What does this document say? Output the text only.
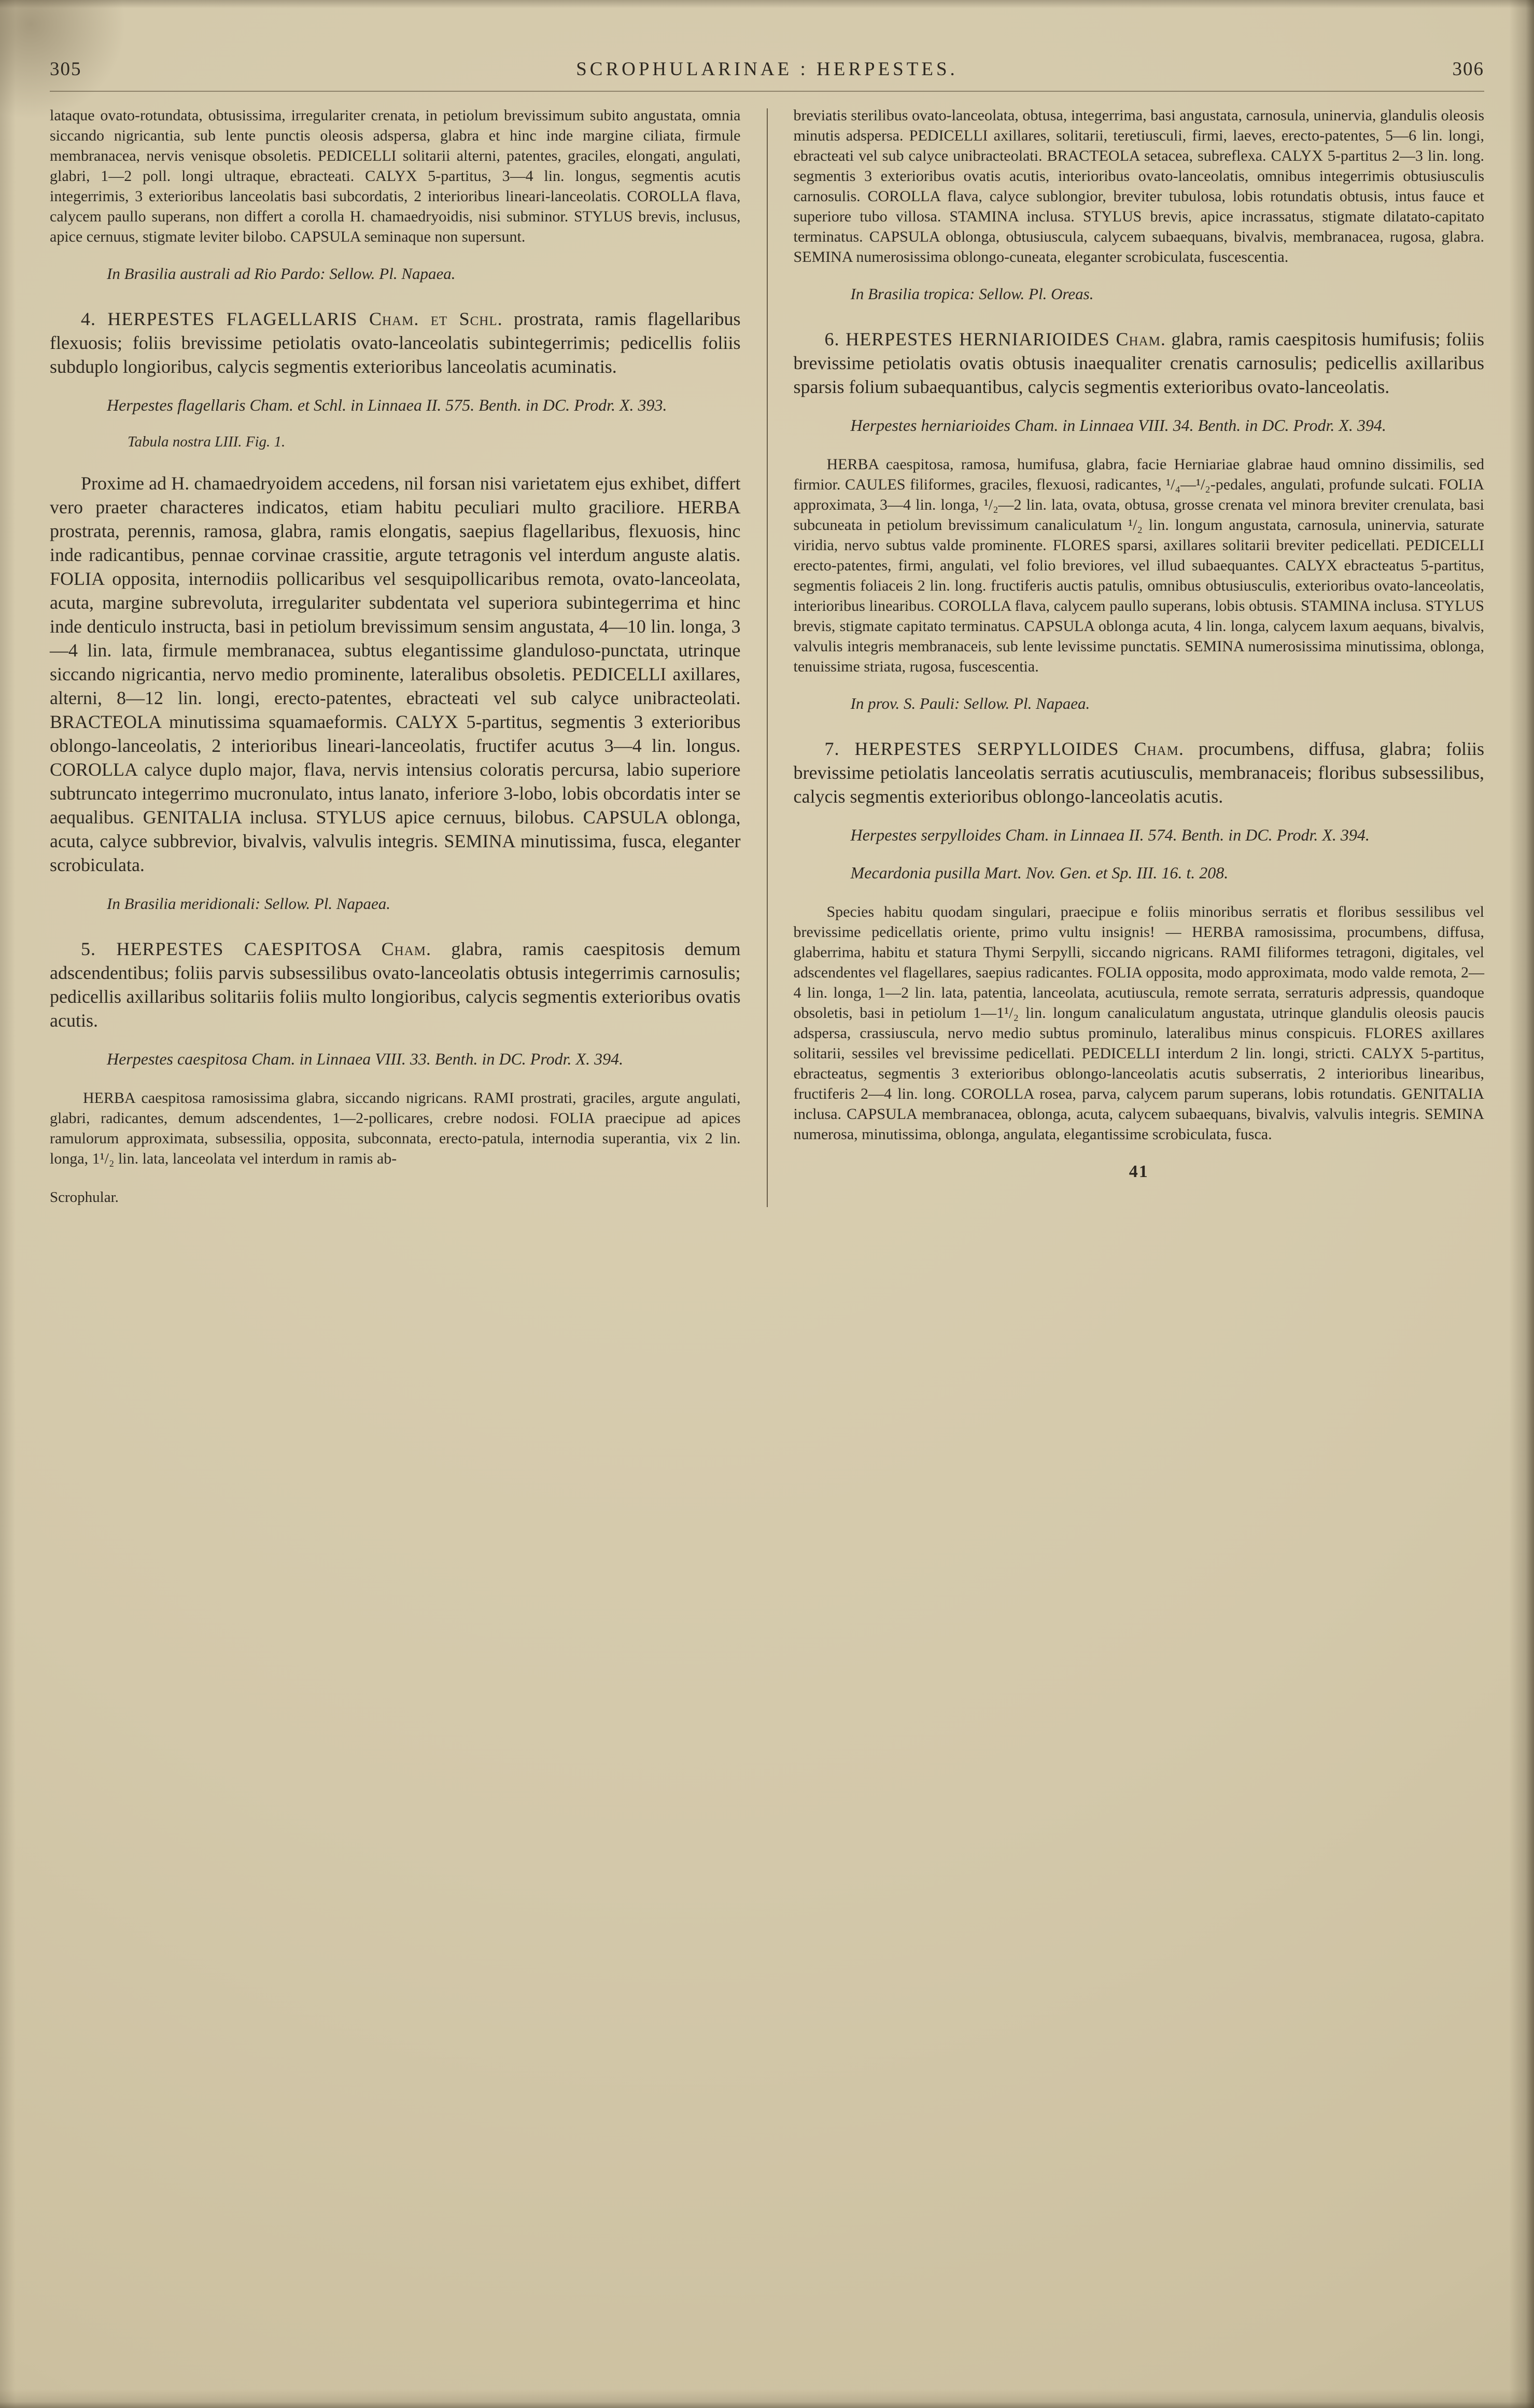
305	SCROPHULARINAE : HERPESTES.	306

lataque ovato-rotundata, obtusissima, irregulariter crenata, in petiolum brevissimum subito angustata, omnia siccando nigricantia, sub lente punctis oleosis adspersa, glabra et hinc inde margine ciliata, firmule membranacea, nervis venisque obsoletis. PEDICELLI solitarii alterni, patentes, graciles, elongati, angulati, glabri, 1—2 poll. longi ultraque, ebracteati. CALYX 5-partitus, 3—4 lin. longus, segmentis acutis integerrimis, 3 exterioribus lanceolatis basi subcordatis, 2 interioribus lineari-lanceolatis. COROLLA flava, calycem paullo superans, non differt a corolla H. chamaedryoidis, nisi subminor. STYLUS brevis, inclusus, apice cernuus, stigmate leviter bilobo. CAPSULA seminaque non supersunt.

In Brasilia australi ad Rio Pardo: Sellow. Pl. Napaea.

4. HERPESTES FLAGELLARIS Cham. et Schl. prostrata, ramis flagellaribus flexuosis; foliis brevissime petiolatis ovato-lanceolatis subintegerrimis; pedicellis foliis subduplo longioribus, calycis segmentis exterioribus lanceolatis acuminatis.

Herpestes flagellaris Cham. et Schl. in Linnaea II. 575. Benth. in DC. Prodr. X. 393.

Tabula nostra LIII. Fig. 1.

Proxime ad H. chamaedryoidem accedens, nil forsan nisi varietatem ejus exhibet, differt vero praeter characteres indicatos, etiam habitu peculiari multo graciliore. HERBA prostrata, perennis, ramosa, glabra, ramis elongatis, saepius flagellaribus, flexuosis, hinc inde radicantibus, pennae corvinae crassitie, argute tetragonis vel interdum anguste alatis. FOLIA opposita, internodiis pollicaribus vel sesquipollicaribus remota, ovato-lanceolata, acuta, margine subrevoluta, irregulariter subdentata vel superiora subintegerrima et hinc inde denticulo instructa, basi in petiolum brevissimum sensim angustata, 4—10 lin. longa, 3—4 lin. lata, firmule membranacea, subtus elegantissime glanduloso-punctata, utrinque siccando nigricantia, nervo medio prominente, lateralibus obsoletis. PEDICELLI axillares, alterni, 8—12 lin. longi, erecto-patentes, ebracteati vel sub calyce unibracteolati. BRACTEOLA minutissima squamaeformis. CALYX 5-partitus, segmentis 3 exterioribus oblongo-lanceolatis, 2 interioribus lineari-lanceolatis, fructifer acutus 3—4 lin. longus. COROLLA calyce duplo major, flava, nervis intensius coloratis percursa, labio superiore subtruncato integerrimo mucronulato, intus lanato, inferiore 3-lobo, lobis obcordatis inter se aequalibus. GENITALIA inclusa. STYLUS apice cernuus, bilobus. CAPSULA oblonga, acuta, calyce subbrevior, bivalvis, valvulis integris. SEMINA minutissima, fusca, eleganter scrobiculata.

In Brasilia meridionali: Sellow. Pl. Napaea.

5. HERPESTES CAESPITOSA Cham. glabra, ramis caespitosis demum adscendentibus; foliis parvis subsessilibus ovato-lanceolatis obtusis integerrimis carnosulis; pedicellis axillaribus solitariis foliis multo longioribus, calycis segmentis exterioribus ovatis acutis.

Herpestes caespitosa Cham. in Linnaea VIII. 33. Benth. in DC. Prodr. X. 394.

HERBA caespitosa ramosissima glabra, siccando nigricans. RAMI prostrati, graciles, argute angulati, glabri, radicantes, demum adscendentes, 1—2-pollicares, crebre nodosi. FOLIA praecipue ad apices ramulorum approximata, subsessilia, opposita, subconnata, erecto-patula, internodia superantia, vix 2 lin. longa, 1¹/₂ lin. lata, lanceolata vel interdum in ramis ab-

Scrophular.

breviatis sterilibus ovato-lanceolata, obtusa, integerrima, basi angustata, carnosula, uninervia, glandulis oleosis minutis adspersa. PEDICELLI axillares, solitarii, teretiusculi, firmi, laeves, erecto-patentes, 5—6 lin. longi, ebracteati vel sub calyce unibracteolati. BRACTEOLA setacea, subreflexa. CALYX 5-partitus 2—3 lin. long. segmentis 3 exterioribus ovatis acutis, interioribus ovato-lanceolatis, omnibus integerrimis obtusiusculis carnosulis. COROLLA flava, calyce sublongior, breviter tubulosa, lobis rotundatis obtusis, intus fauce et superiore tubo villosa. STAMINA inclusa. STYLUS brevis, apice incrassatus, stigmate dilatato-capitato terminatus. CAPSULA oblonga, obtusiuscula, calycem subaequans, bivalvis, membranacea, rugosa, glabra. SEMINA numerosissima oblongo-cuneata, eleganter scrobiculata, fuscescentia.

In Brasilia tropica: Sellow. Pl. Oreas.

6. HERPESTES HERNIARIOIDES Cham. glabra, ramis caespitosis humifusis; foliis brevissime petiolatis ovatis obtusis inaequaliter crenatis carnosulis; pedicellis axillaribus sparsis folium subaequantibus, calycis segmentis exterioribus ovato-lanceolatis.

Herpestes herniarioides Cham. in Linnaea VIII. 34. Benth. in DC. Prodr. X. 394.

HERBA caespitosa, ramosa, humifusa, glabra, facie Herniariae glabrae haud omnino dissimilis, sed firmior. CAULES filiformes, graciles, flexuosi, radicantes, ¹/₄—¹/₂-pedales, angulati, profunde sulcati. FOLIA approximata, 3—4 lin. longa, ¹/₂—2 lin. lata, ovata, obtusa, grosse crenata vel minora breviter crenulata, basi subcuneata in petiolum brevissimum canaliculatum ¹/₂ lin. longum angustata, carnosula, uninervia, saturate viridia, nervo subtus valde prominente. FLORES sparsi, axillares solitarii breviter pedicellati. PEDICELLI erecto-patentes, firmi, angulati, vel folio breviores, vel illud subaequantes. CALYX ebracteatus 5-partitus, segmentis foliaceis 2 lin. long. fructiferis auctis patulis, omnibus obtusiusculis, exterioribus ovato-lanceolatis, interioribus linearibus. COROLLA flava, calycem paullo superans, lobis obtusis. STAMINA inclusa. STYLUS brevis, stigmate capitato terminatus. CAPSULA oblonga acuta, 4 lin. longa, calycem laxum aequans, bivalvis, valvulis integris membranaceis, sub lente levissime punctatis. SEMINA numerosissima minutissima, oblonga, tenuissime striata, rugosa, fuscescentia.

In prov. S. Pauli: Sellow. Pl. Napaea.

7. HERPESTES SERPYLLOIDES Cham. procumbens, diffusa, glabra; foliis brevissime petiolatis lanceolatis serratis acutiusculis, membranaceis; floribus subsessilibus, calycis segmentis exterioribus oblongo-lanceolatis acutis.

Herpestes serpylloides Cham. in Linnaea II. 574. Benth. in DC. Prodr. X. 394.

Mecardonia pusilla Mart. Nov. Gen. et Sp. III. 16. t. 208.

Species habitu quodam singulari, praecipue e foliis minoribus serratis et floribus sessilibus vel brevissime pedicellatis oriente, primo vultu insignis! — HERBA ramosissima, procumbens, diffusa, glaberrima, habitu et statura Thymi Serpylli, siccando nigricans. RAMI filiformes tetragoni, digitales, vel adscendentes vel flagellares, saepius radicantes. FOLIA opposita, modo approximata, modo valde remota, 2—4 lin. longa, 1—2 lin. lata, patentia, lanceolata, acutiuscula, remote serrata, serraturis adpressis, quandoque obsoletis, basi in petiolum 1—1¹/₂ lin. longum canaliculatum angustata, utrinque glandulis oleosis paucis adspersa, crassiuscula, nervo medio subtus prominulo, lateralibus minus conspicuis. FLORES axillares solitarii, sessiles vel brevissime pedicellati. PEDICELLI interdum 2 lin. longi, stricti. CALYX 5-partitus, ebracteatus, segmentis 3 exterioribus oblongo-lanceolatis acutis subserratis, 2 interioribus linearibus, fructiferis 2—4 lin. long. COROLLA rosea, parva, calycem parum superans, lobis rotundatis. GENITALIA inclusa. CAPSULA membranacea, oblonga, acuta, calycem subaequans, bivalvis, valvulis integris. SEMINA numerosa, minutissima, oblonga, angulata, elegantissime scrobiculata, fusca.

41
